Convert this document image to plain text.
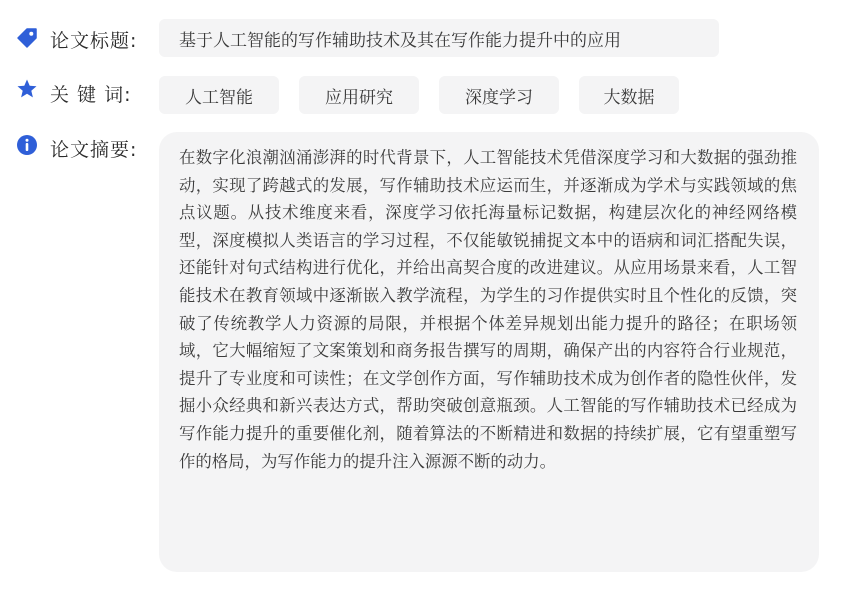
论文标题:	基于人工智能的写作辅助技术及其在写作能力提升中的应用
关 键 词:	人工智能	应用研究	深度学习	大数据
论文摘要:	在数字化浪潮汹涌澎湃的时代背景下，人工智能技术凭借深度学习和大数据的强劲推动，实现了跨越式的发展，写作辅助技术应运而生，并逐渐成为学术与实践领域的焦点议题。从技术维度来看，深度学习依托海量标记数据，构建层次化的神经网络模型，深度模拟人类语言的学习过程，不仅能敏锐捕捉文本中的语病和词汇搭配失误，还能针对句式结构进行优化，并给出高契合度的改进建议。从应用场景来看，人工智能技术在教育领域中逐渐嵌入教学流程，为学生的习作提供实时且个性化的反馈，突破了传统教学人力资源的局限，并根据个体差异规划出能力提升的路径；在职场领域，它大幅缩短了文案策划和商务报告撰写的周期，确保产出的内容符合行业规范，提升了专业度和可读性；在文学创作方面，写作辅助技术成为创作者的隐性伙伴，发掘小众经典和新兴表达方式，帮助突破创意瓶颈。人工智能的写作辅助技术已经成为写作能力提升的重要催化剂，随着算法的不断精进和数据的持续扩展，它有望重塑写作的格局，为写作能力的提升注入源源不断的动力。
